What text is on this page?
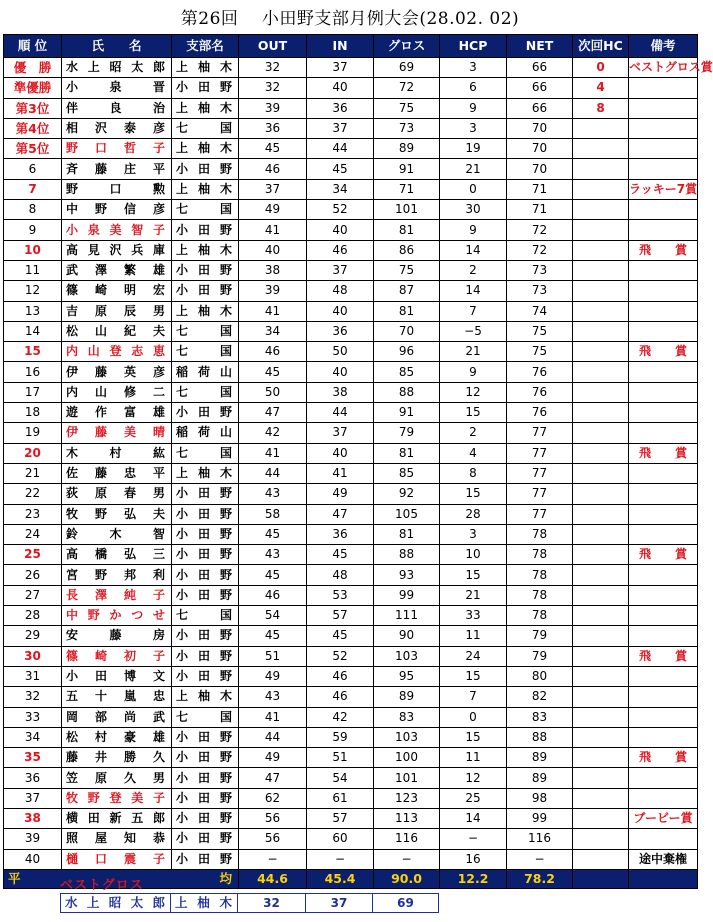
第26回　 小田野支部月例大会(28.02. 02)
順 位	氏　　名	支部名	OUT	IN	グロス	HCP	NET	次回HC	備考
優　勝	水 上 昭 太 郎	上 柚 木	32	37	69	3	66	0	ベストグロス賞
準優勝	小 泉 晋	小 田 野	32	40	72	6	66	4	
第3位	伴 良 治	上 柚 木	39	36	75	9	66	8	
第4位	相 沢 泰 彦	七 国	36	37	73	3	70		
第5位	野 口 哲 子	上 柚 木	45	44	89	19	70		
6	斉 藤 庄 平	小 田 野	46	45	91	21	70		
7	野 口 勲	上 柚 木	37	34	71	0	71		ラッキー7賞
8	中 野 信 彦	七 国	49	52	101	30	71		
9	小 泉 美 智 子	小 田 野	41	40	81	9	72		
10	高 見 沢 兵 庫	上 柚 木	40	46	86	14	72		飛　　賞
11	武 澤 繁 雄	小 田 野	38	37	75	2	73		
12	篠 崎 明 宏	小 田 野	39	48	87	14	73		
13	吉 原 辰 男	上 柚 木	41	40	81	7	74		
14	松 山 紀 夫	七 国	34	36	70	−5	75		
15	内 山 登 志 恵	七 国	46	50	96	21	75		飛　　賞
16	伊 藤 英 彦	稲 荷 山	45	40	85	9	76		
17	内 山 修 二	七 国	50	38	88	12	76		
18	遊 作 富 雄	小 田 野	47	44	91	15	76		
19	伊 藤 美 晴	稲 荷 山	42	37	79	2	77		
20	木 村 紘	七 国	41	40	81	4	77		飛　　賞
21	佐 藤 忠 平	上 柚 木	44	41	85	8	77		
22	荻 原 春 男	小 田 野	43	49	92	15	77		
23	牧 野 弘 夫	小 田 野	58	47	105	28	77		
24	鈴 木 智	小 田 野	45	36	81	3	78		
25	高 橋 弘 三	小 田 野	43	45	88	10	78		飛　　賞
26	宮 野 邦 利	小 田 野	45	48	93	15	78		
27	長 澤 純 子	小 田 野	46	53	99	21	78		
28	中 野 か つ せ	七 国	54	57	111	33	78		
29	安 藤 房	小 田 野	45	45	90	11	79		
30	篠 崎 初 子	小 田 野	51	52	103	24	79		飛　　賞
31	小 田 博 文	小 田 野	49	46	95	15	80		
32	五 十 嵐 忠	上 柚 木	43	46	89	7	82		
33	岡 部 尚 武	七 国	41	42	83	0	83		
34	松 村 豪 雄	小 田 野	44	59	103	15	88		
35	藤 井 勝 久	小 田 野	49	51	100	11	89		飛　　賞
36	笠 原 久 男	小 田 野	47	54	101	12	89		
37	牧 野 登 美 子	小 田 野	62	61	123	25	98		
38	横 田 新 五 郎	小 田 野	56	57	113	14	99		ブービー賞
39	照 屋 知 恭	小 田 野	56	60	116	−	116		
40	樋 口 震 子	小 田 野	−	−	−	16	−		途中棄権

平 均			44.6	45.4	90.0	12.2	78.2		
ベストグロス
水 上 昭 太 郎	上 柚 木	32	37	69
